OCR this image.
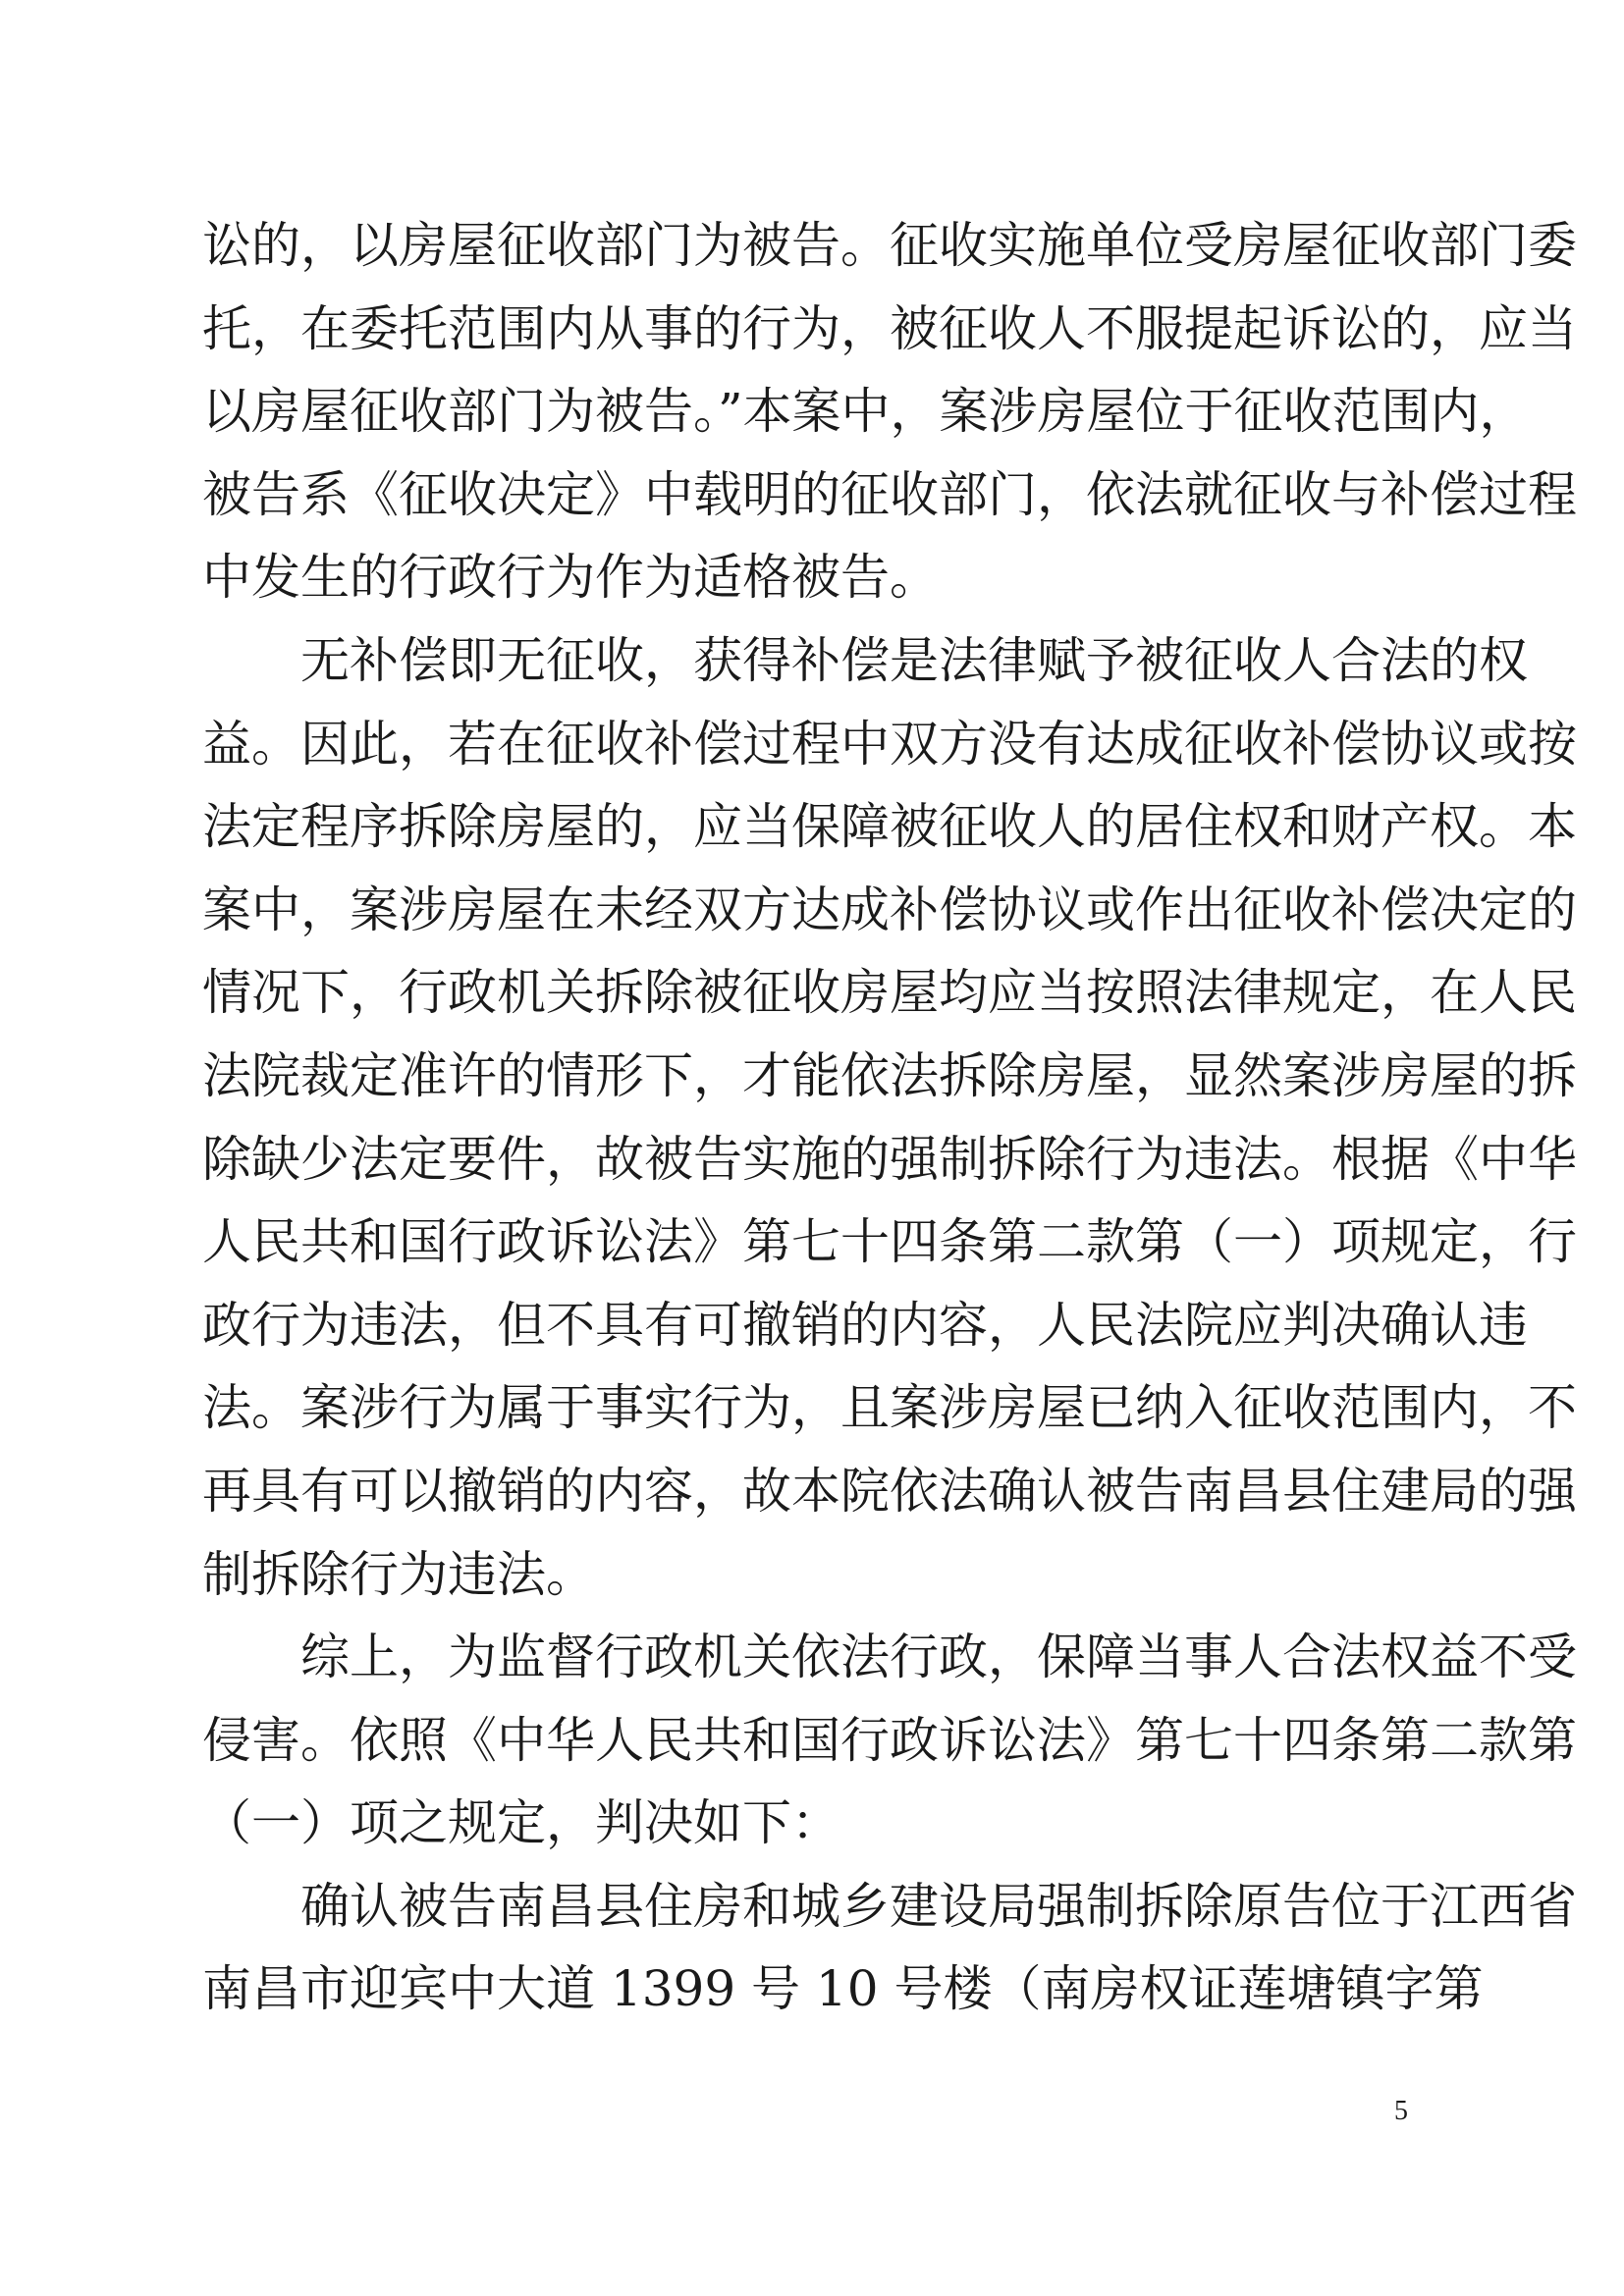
讼的，以房屋征收部门为被告。征收实施单位受房屋征收部门委
托，在委托范围内从事的行为，被征收人不服提起诉讼的，应当
以房屋征收部门为被告。”本案中，案涉房屋位于征收范围内，
被告系《征收决定》中载明的征收部门，依法就征收与补偿过程
中发生的行政行为作为适格被告。
　　无补偿即无征收，获得补偿是法律赋予被征收人合法的权
益。因此，若在征收补偿过程中双方没有达成征收补偿协议或按
法定程序拆除房屋的，应当保障被征收人的居住权和财产权。本
案中，案涉房屋在未经双方达成补偿协议或作出征收补偿决定的
情况下，行政机关拆除被征收房屋均应当按照法律规定，在人民
法院裁定准许的情形下，才能依法拆除房屋，显然案涉房屋的拆
除缺少法定要件，故被告实施的强制拆除行为违法。根据《中华
人民共和国行政诉讼法》第七十四条第二款第（一）项规定，行
政行为违法，但不具有可撤销的内容，人民法院应判决确认违
法。案涉行为属于事实行为，且案涉房屋已纳入征收范围内，不
再具有可以撤销的内容，故本院依法确认被告南昌县住建局的强
制拆除行为违法。
　　综上，为监督行政机关依法行政，保障当事人合法权益不受
侵害。依照《中华人民共和国行政诉讼法》第七十四条第二款第
（一）项之规定，判决如下：
　　确认被告南昌县住房和城乡建设局强制拆除原告位于江西省
南昌市迎宾中大道 1399 号 10 号楼（南房权证莲塘镇字第
5
